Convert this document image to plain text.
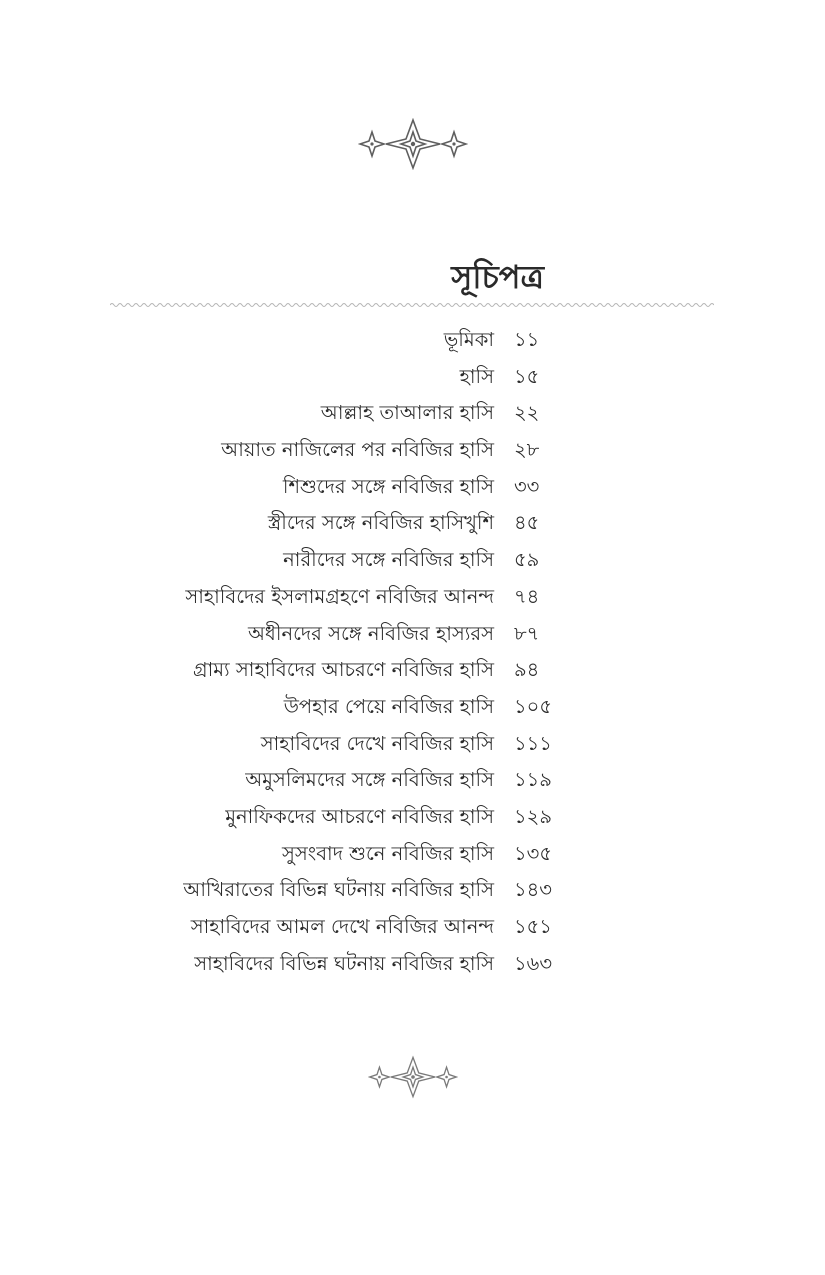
সূচিপত্র
ভূমিকা ১১
হাসি ১৫
আল্লাহ তাআলার হাসি ২২
আয়াত নাজিলের পর নবিজির হাসি ২৮
শিশুদের সঙ্গে নবিজির হাসি ৩৩
স্ত্রীদের সঙ্গে নবিজির হাসিখুশি ৪৫
নারীদের সঙ্গে নবিজির হাসি ৫৯
সাহাবিদের ইসলামগ্রহণে নবিজির আনন্দ ৭৪
অধীনদের সঙ্গে নবিজির হাস্যরস ৮৭
গ্রাম্য সাহাবিদের আচরণে নবিজির হাসি ৯৪
উপহার পেয়ে নবিজির হাসি ১০৫
সাহাবিদের দেখে নবিজির হাসি ১১১
অমুসলিমদের সঙ্গে নবিজির হাসি ১১৯
মুনাফিকদের আচরণে নবিজির হাসি ১২৯
সুসংবাদ শুনে নবিজির হাসি ১৩৫
আখিরাতের বিভিন্ন ঘটনায় নবিজির হাসি ১৪৩
সাহাবিদের আমল দেখে নবিজির আনন্দ ১৫১
সাহাবিদের বিভিন্ন ঘটনায় নবিজির হাসি ১৬৩
